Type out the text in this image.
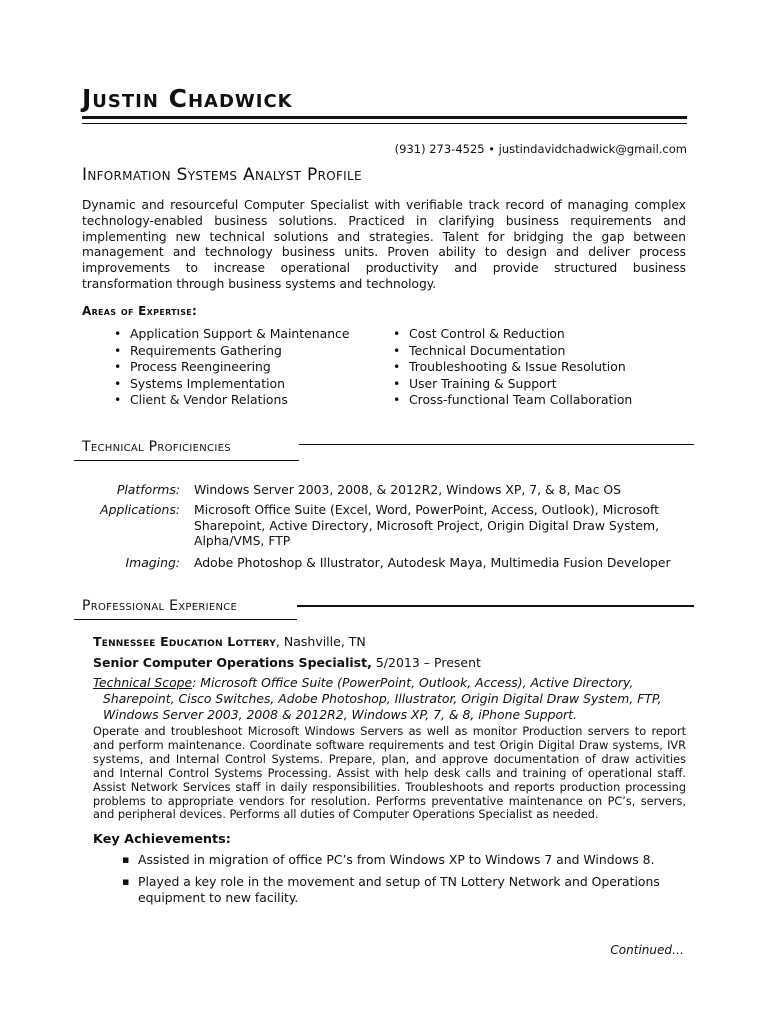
Justin Chadwick
(931) 273-4525 • justindavidchadwick@gmail.com
Information Systems Analyst Profile

Dynamic and resourceful Computer Specialist with verifiable track record of managing complex technology-enabled business solutions. Practiced in clarifying business requirements and implementing new technical solutions and strategies. Talent for bridging the gap between management and technology business units. Proven ability to design and deliver process improvements to increase operational productivity and provide structured business transformation through business systems and technology.

Areas of Expertise:
• Application Support & Maintenance
• Requirements Gathering
• Process Reengineering
• Systems Implementation
• Client & Vendor Relations
• Cost Control & Reduction
• Technical Documentation
• Troubleshooting & Issue Resolution
• User Training & Support
• Cross-functional Team Collaboration
Technical Proficiencies
Platforms: Windows Server 2003, 2008, & 2012R2, Windows XP, 7, & 8, Mac OS
Applications: Microsoft Office Suite (Excel, Word, PowerPoint, Access, Outlook), Microsoft Sharepoint, Active Directory, Microsoft Project, Origin Digital Draw System, Alpha/VMS, FTP
Imaging: Adobe Photoshop & Illustrator, Autodesk Maya, Multimedia Fusion Developer
Professional Experience
Tennessee Education Lottery, Nashville, TN
Senior Computer Operations Specialist, 5/2013 – Present

Technical Scope: Microsoft Office Suite (PowerPoint, Outlook, Access), Active Directory,
Sharepoint, Cisco Switches, Adobe Photoshop, Illustrator, Origin Digital Draw System, FTP,
Windows Server 2003, 2008 & 2012R2, Windows XP, 7, & 8, iPhone Support.

Operate and troubleshoot Microsoft Windows Servers as well as monitor Production servers to report and perform maintenance. Coordinate software requirements and test Origin Digital Draw systems, IVR systems, and Internal Control Systems. Prepare, plan, and approve documentation of draw activities and Internal Control Systems Processing. Assist with help desk calls and training of operational staff. Assist Network Services staff in daily responsibilities. Troubleshoots and reports production processing problems to appropriate vendors for resolution. Performs preventative maintenance on PC’s, servers, and peripheral devices. Performs all duties of Computer Operations Specialist as needed.

Key Achievements:
▪ Assisted in migration of office PC’s from Windows XP to Windows 7 and Windows 8.
▪ Played a key role in the movement and setup of TN Lottery Network and Operations equipment to new facility.
Continued…
